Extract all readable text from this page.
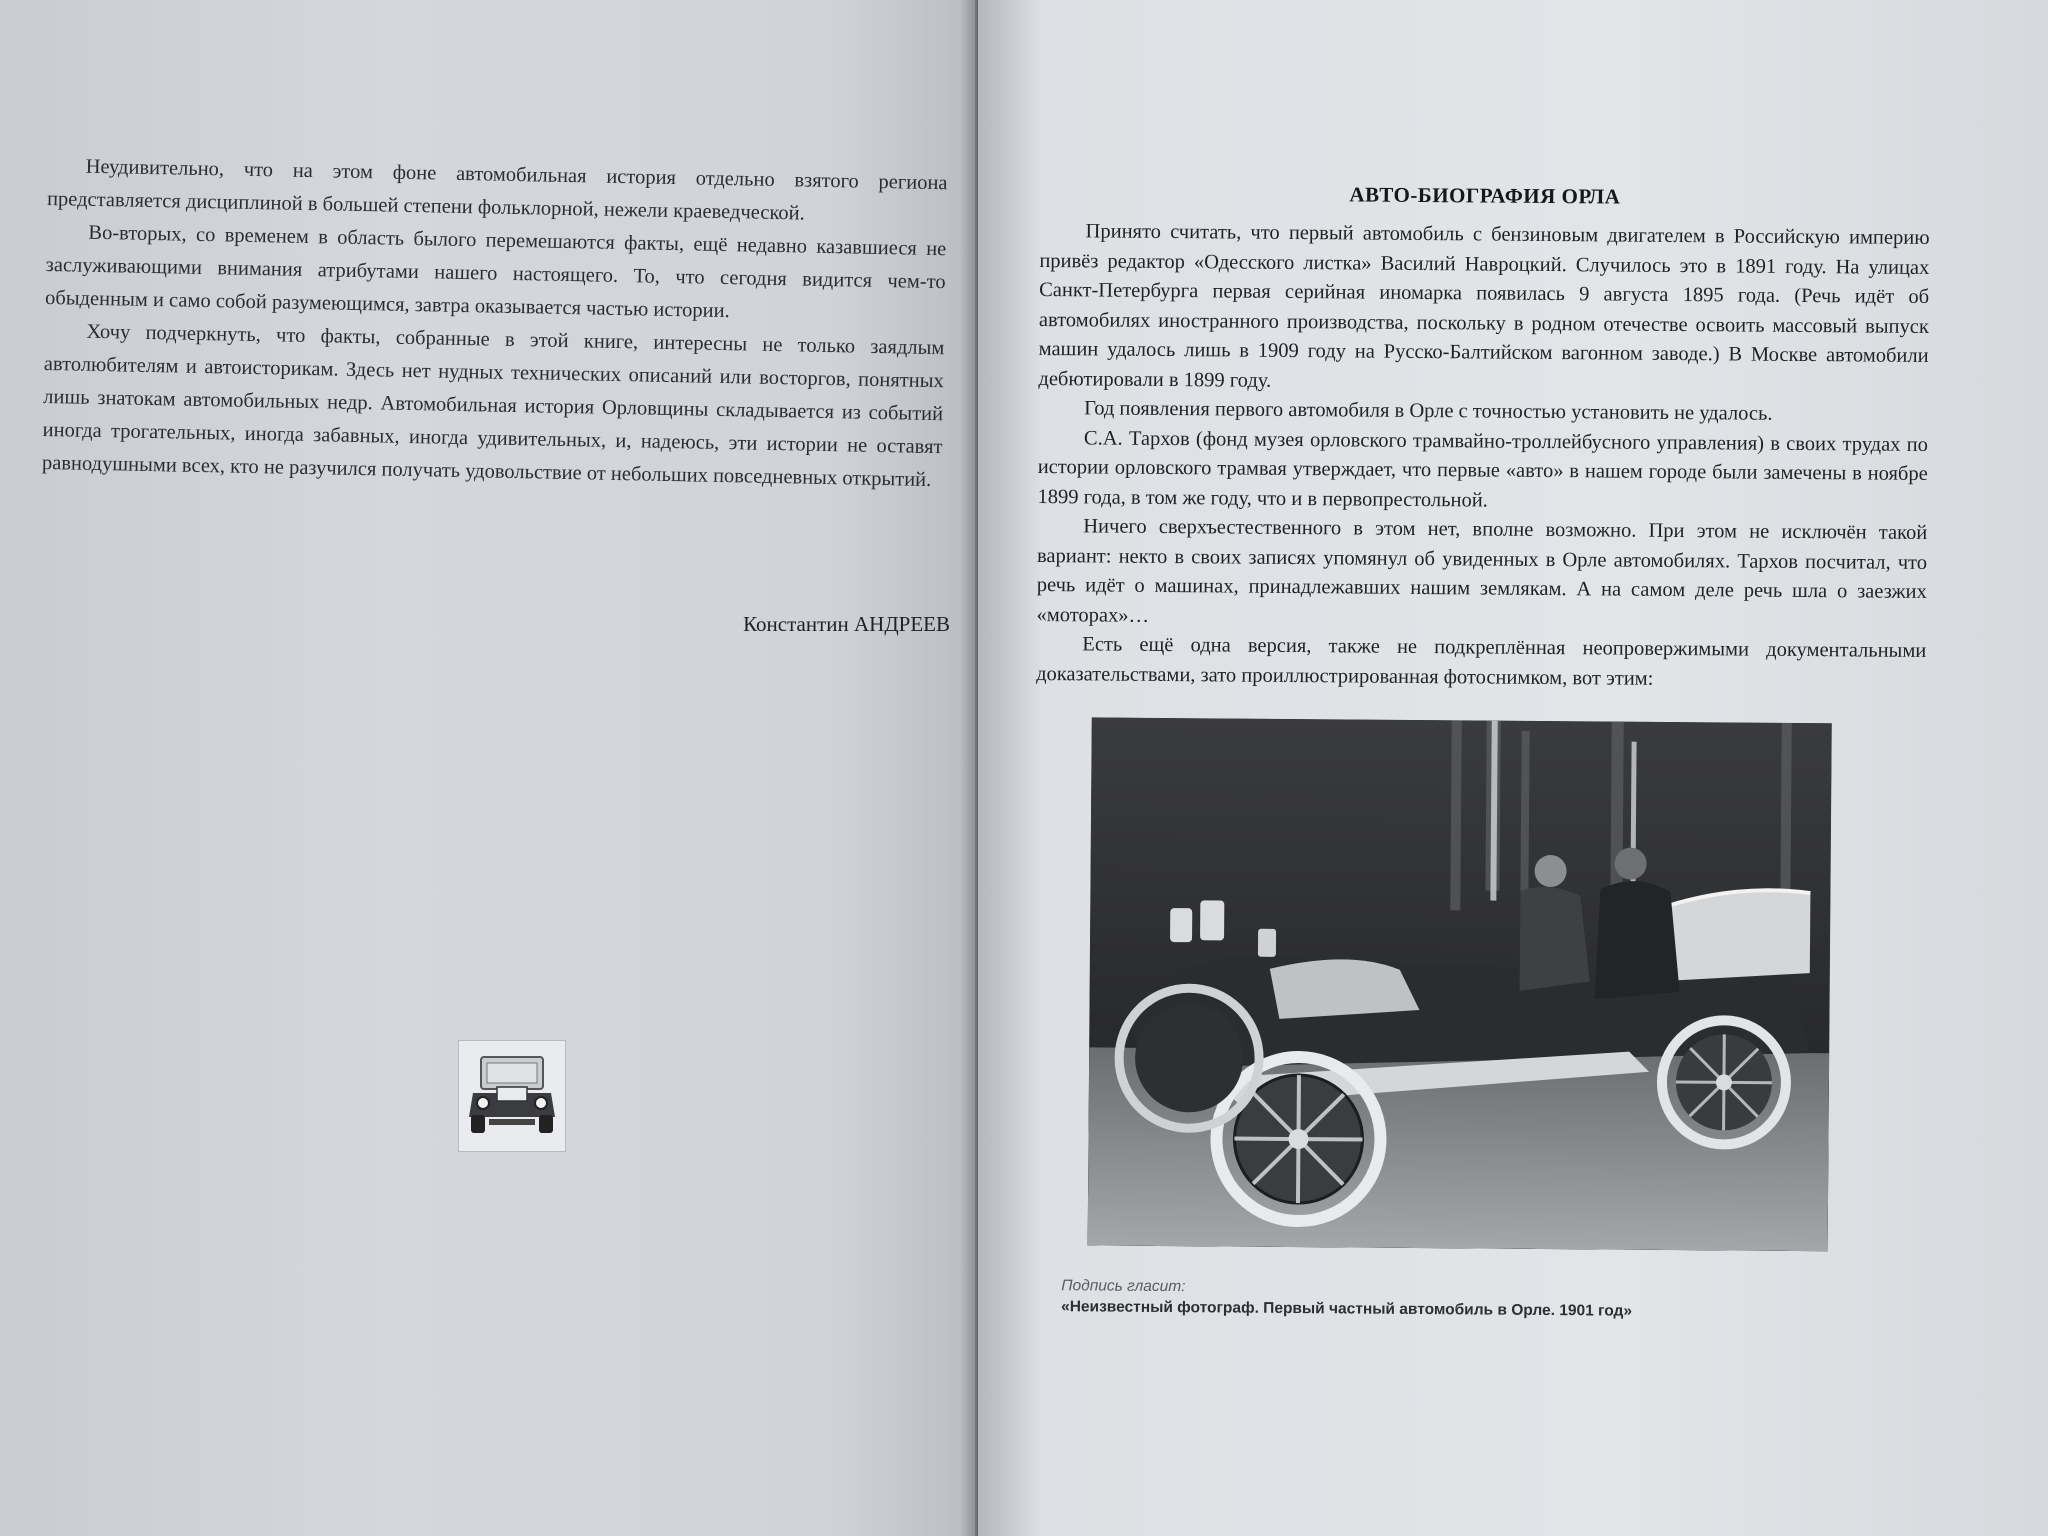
Неудивительно, что на этом фоне автомобильная история отдельно взятого региона представляется дисциплиной в большей степени фольклорной, нежели краеведческой.

Во-вторых, со временем в область былого перемешаются факты, ещё недавно казавшиеся не заслуживающими внимания атрибутами нашего настоящего. То, что сегодня видится чем-то обыденным и само собой разумеющимся, завтра оказывается частью истории.

Хочу подчеркнуть, что факты, собранные в этой книге, интересны не только заядлым автолюбителям и автоисторикам. Здесь нет нудных технических описаний или восторгов, понятных лишь знатокам автомобильных недр. Автомобильная история Орловщины складывается из событий иногда трогательных, иногда забавных, иногда удивительных, и, надеюсь, эти истории не оставят равнодушными всех, кто не разучился получать удовольствие от небольших повседневных открытий.

Константин АНДРЕЕВ
АВТО-БИОГРАФИЯ ОРЛА

Принято считать, что первый автомобиль с бензиновым двигателем в Российскую империю привёз редактор «Одесского листка» Василий Навроцкий. Случилось это в 1891 году. На улицах Санкт-Петербурга первая серийная иномарка появилась 9 августа 1895 года. (Речь идёт об автомобилях иностранного производства, поскольку в родном отечестве освоить массовый выпуск машин удалось лишь в 1909 году на Русско-Балтийском вагонном заводе.) В Москве автомобили дебютировали в 1899 году.

Год появления первого автомобиля в Орле с точностью установить не удалось.

С.А. Тархов (фонд музея орловского трамвайно-троллейбусного управления) в своих трудах по истории орловского трамвая утверждает, что первые «авто» в нашем городе были замечены в ноябре 1899 года, в том же году, что и в первопрестольной.

Ничего сверхъестественного в этом нет, вполне возможно. При этом не исключён такой вариант: некто в своих записях упомянул об увиденных в Орле автомобилях. Тархов посчитал, что речь идёт о машинах, принадлежавших нашим землякам. А на самом деле речь шла о заезжих «моторах»…

Есть ещё одна версия, также не подкреплённая неопровержимыми документальными доказательствами, зато проиллюстрированная фотоснимком, вот этим:

Подпись гласит:
«Неизвестный фотограф. Первый частный автомобиль в Орле. 1901 год»
